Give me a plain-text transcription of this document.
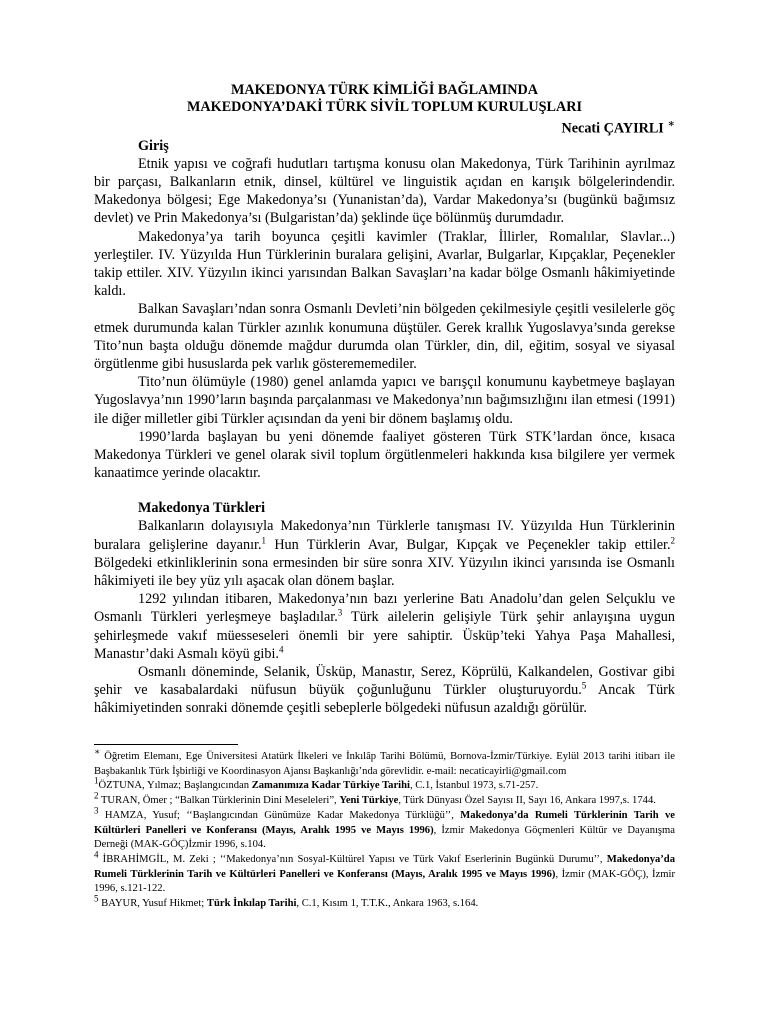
MAKEDONYA TÜRK KİMLİĞİ BAĞLAMINDA

MAKEDONYA’DAKİ TÜRK SİVİL TOPLUM KURULUŞLARI

Necati ÇAYIRLI ∗

Giriş

Etnik yapısı ve coğrafi hudutları tartışma konusu olan Makedonya, Türk Tarihinin ayrılmaz bir parçası, Balkanların etnik, dinsel, kültürel ve linguistik açıdan en karışık bölgelerindendir. Makedonya bölgesi; Ege Makedonya’sı (Yunanistan’da), Vardar Makedonya’sı (bugünkü bağımsız devlet) ve Prin Makedonya’sı (Bulgaristan’da) şeklinde üçe bölünmüş durumdadır.

Makedonya’ya tarih boyunca çeşitli kavimler (Traklar, İllirler, Romalılar, Slavlar...) yerleştiler. IV. Yüzyılda Hun Türklerinin buralara gelişini, Avarlar, Bulgarlar, Kıpçaklar, Peçenekler takip ettiler. XIV. Yüzyılın ikinci yarısından Balkan Savaşları’na kadar bölge Osmanlı hâkimiyetinde kaldı.

Balkan Savaşları’ndan sonra Osmanlı Devleti’nin bölgeden çekilmesiyle çeşitli vesilelerle göç etmek durumunda kalan Türkler azınlık konumuna düştüler. Gerek krallık Yugoslavya’sında gerekse Tito’nun başta olduğu dönemde mağdur durumda olan Türkler, din, dil, eğitim, sosyal ve siyasal örgütlenme gibi hususlarda pek varlık gösterememediler.

Tito’nun ölümüyle (1980) genel anlamda yapıcı ve barışçıl konumunu kaybetmeye başlayan Yugoslavya’nın 1990’ların başında parçalanması ve Makedonya’nın bağımsızlığını ilan etmesi (1991) ile diğer milletler gibi Türkler açısından da yeni bir dönem başlamış oldu.

1990’larda başlayan bu yeni dönemde faaliyet gösteren Türk STK’lardan önce, kısaca Makedonya Türkleri ve genel olarak sivil toplum örgütlenmeleri hakkında kısa bilgilere yer vermek kanaatimce yerinde olacaktır.

Makedonya Türkleri

Balkanların dolayısıyla Makedonya’nın Türklerle tanışması IV. Yüzyılda Hun Türklerinin buralara gelişlerine dayanır.$^1$ Hun Türklerin Avar, Bulgar, Kıpçak ve Peçenekler takip ettiler.$^2$ Bölgedeki etkinliklerinin sona ermesinden bir süre sonra XIV. Yüzyılın ikinci yarısında ise Osmanlı hâkimiyeti ile bey yüz yılı aşacak olan dönem başlar.

1292 yılından itibaren, Makedonya’nın bazı yerlerine Batı Anadolu’dan gelen Selçuklu ve Osmanlı Türkleri yerleşmeye başladılar.$^3$ Türk ailelerin gelişiyle Türk şehir anlayışına uygun şehirleşmede vakıf müesseseleri önemli bir yere sahiptir. Üsküp’teki Yahya Paşa Mahallesi, Manastır’daki Asmalı köyü gibi.$^4$

Osmanlı döneminde, Selanik, Üsküp, Manastır, Serez, Köprülü, Kalkandelen, Gostivar gibi şehir ve kasabalardaki nüfusun büyük çoğunluğunu Türkler oluşturuyordu.$^5$ Ancak Türk hâkimiyetinden sonraki dönemde çeşitli sebeplerle bölgedeki nüfusun azaldığı görülür.

∗ Öğretim Elemanı, Ege Üniversitesi Atatürk İlkeleri ve İnkılâp Tarihi Bölümü, Bornova-İzmir/Türkiye. Eylül 2013 tarihi itibarı ile Başbakanlık Türk İşbirliği ve Koordinasyon Ajansı Başkanlığı’nda görevlidir. e-mail: necaticayirli@gmail.com

$^1$ÖZTUNA, Yılmaz; Başlangıcından Zamanımıza Kadar Türkiye Tarihi, C.1, İstanbul 1973, s.71-257.

$^2$ TURAN, Ömer ; “Balkan Türklerinin Dini Meseleleri”, Yeni Türkiye, Türk Dünyası Özel Sayısı II, Sayı 16, Ankara 1997,s. 1744.

$^3$ HAMZA, Yusuf; ‘‘Başlangıcından Günümüze Kadar Makedonya Türklüğü’’, Makedonya’da Rumeli Türklerinin Tarih ve Kültürleri Panelleri ve Konferansı (Mayıs, Aralık 1995 ve Mayıs 1996), İzmir Makedonya Göçmenleri Kültür ve Dayanışma Derneği (MAK-GÖÇ)İzmir 1996, s.104.

$^4$ İBRAHİMGİL, M. Zeki ; ‘‘Makedonya’nın Sosyal-Kültürel Yapısı ve Türk Vakıf Eserlerinin Bugünkü Durumu’’, Makedonya’da Rumeli Türklerinin Tarih ve Kültürleri Panelleri ve Konferansı (Mayıs, Aralık 1995 ve Mayıs 1996), İzmir (MAK-GÖÇ), İzmir 1996, s.121-122.

$^5$ BAYUR, Yusuf Hikmet; Türk İnkılap Tarihi, C.1, Kısım 1, T.T.K., Ankara 1963, s.164.
